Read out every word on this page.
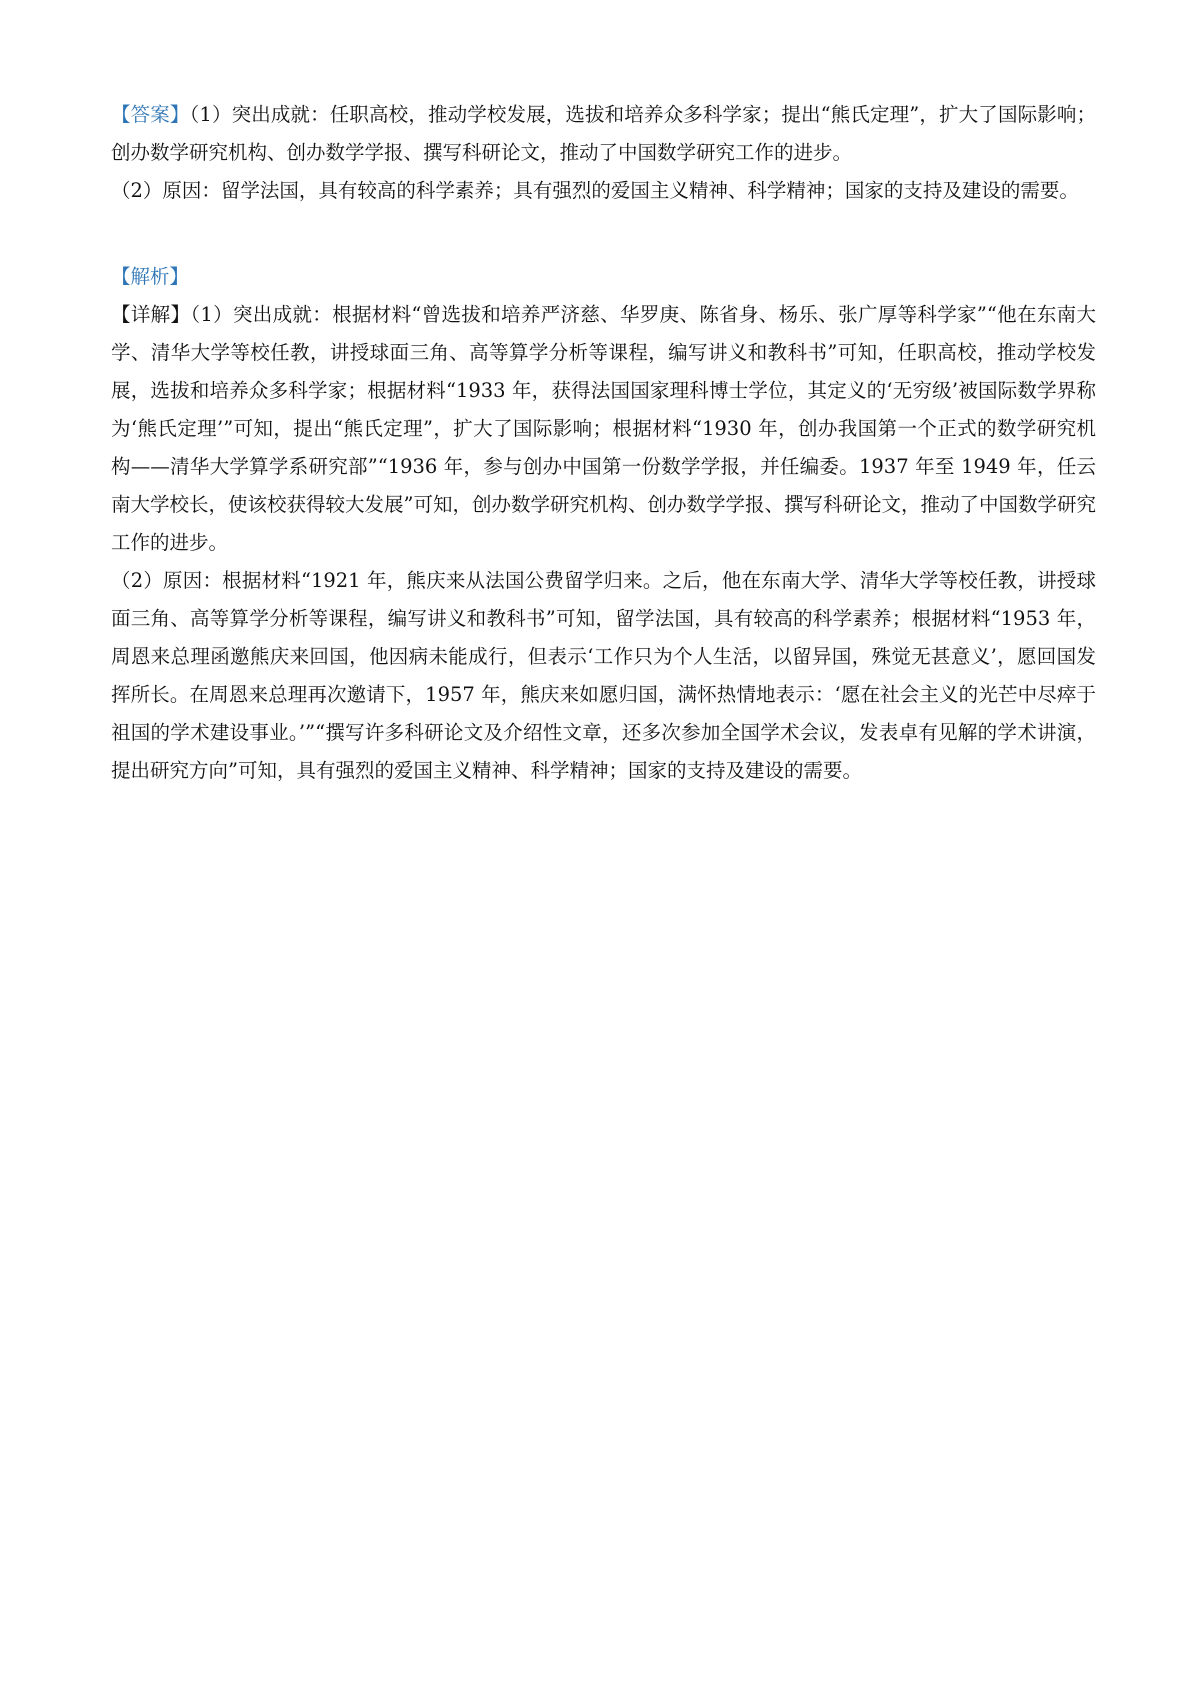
【答案】（1）突出成就：任职高校，推动学校发展，选拔和培养众多科学家；提出“熊氏定理”，扩大了国际影响；创办数学研究机构、创办数学学报、撰写科研论文，推动了中国数学研究工作的进步。

（2）原因：留学法国，具有较高的科学素养；具有强烈的爱国主义精神、科学精神；国家的支持及建设的需要。

【解析】

【详解】（1）突出成就：根据材料“曾选拔和培养严济慈、华罗庚、陈省身、杨乐、张广厚等科学家”“他在东南大学、清华大学等校任教，讲授球面三角、高等算学分析等课程，编写讲义和教科书”可知，任职高校，推动学校发展，选拔和培养众多科学家；根据材料“1933 年，获得法国国家理科博士学位，其定义的‘无穷级’被国际数学界称为‘熊氏定理’”可知，提出“熊氏定理”，扩大了国际影响；根据材料“1930 年，创办我国第一个正式的数学研究机构——清华大学算学系研究部”“1936 年，参与创办中国第一份数学学报，并任编委。1937 年至 1949 年，任云南大学校长，使该校获得较大发展”可知，创办数学研究机构、创办数学学报、撰写科研论文，推动了中国数学研究工作的进步。

（2）原因：根据材料“1921 年，熊庆来从法国公费留学归来。之后，他在东南大学、清华大学等校任教，讲授球面三角、高等算学分析等课程，编写讲义和教科书”可知，留学法国，具有较高的科学素养；根据材料“1953 年，周恩来总理函邀熊庆来回国，他因病未能成行，但表示‘工作只为个人生活，以留异国，殊觉无甚意义’，愿回国发挥所长。在周恩来总理再次邀请下，1957 年，熊庆来如愿归国，满怀热情地表示：‘愿在社会主义的光芒中尽瘁于祖国的学术建设事业。’”“撰写许多科研论文及介绍性文章，还多次参加全国学术会议，发表卓有见解的学术讲演，提出研究方向”可知，具有强烈的爱国主义精神、科学精神；国家的支持及建设的需要。
